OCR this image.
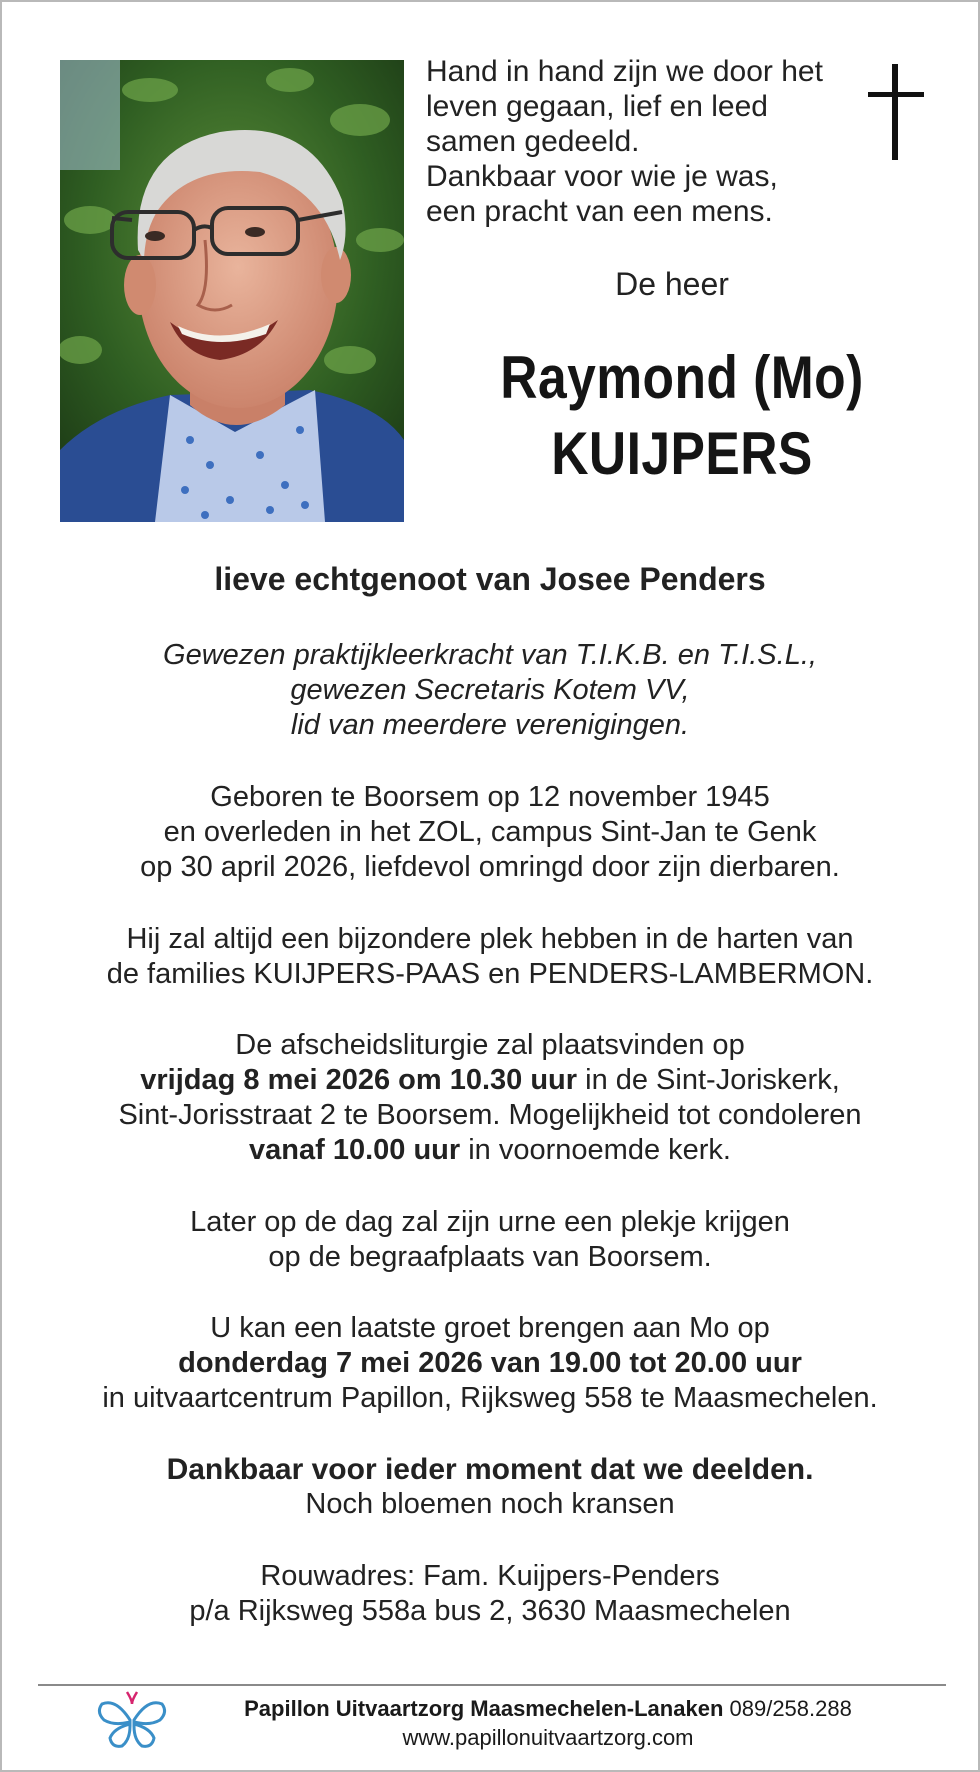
Hand in hand zijn we door het
leven gegaan, lief en leed
samen gedeeld.
Dankbaar voor wie je was,
een pracht van een mens.
De heer
Raymond (Mo)
KUIJPERS
lieve echtgenoot van Josee Penders
Gewezen praktijkleerkracht van T.I.K.B. en T.I.S.L.,
gewezen Secretaris Kotem VV,
lid van meerdere verenigingen.
Geboren te Boorsem op 12 november 1945
en overleden in het ZOL, campus Sint-Jan te Genk
op 30 april 2026, liefdevol omringd door zijn dierbaren.
Hij zal altijd een bijzondere plek hebben in de harten van
de families KUIJPERS-PAAS en PENDERS-LAMBERMON.
De afscheidsliturgie zal plaatsvinden op
vrijdag 8 mei 2026 om 10.30 uur in de Sint-Joriskerk,
Sint-Jorisstraat 2 te Boorsem. Mogelijkheid tot condoleren
vanaf 10.00 uur in voornoemde kerk.
Later op de dag zal zijn urne een plekje krijgen
op de begraafplaats van Boorsem.
U kan een laatste groet brengen aan Mo op
donderdag 7 mei 2026 van 19.00 tot 20.00 uur
in uitvaartcentrum Papillon, Rijksweg 558 te Maasmechelen.
Dankbaar voor ieder moment dat we deelden.
Noch bloemen noch kransen
Rouwadres: Fam. Kuijpers-Penders
p/a Rijksweg 558a bus 2, 3630 Maasmechelen
Papillon Uitvaartzorg Maasmechelen-Lanaken 089/258.288
www.papillonuitvaartzorg.com
